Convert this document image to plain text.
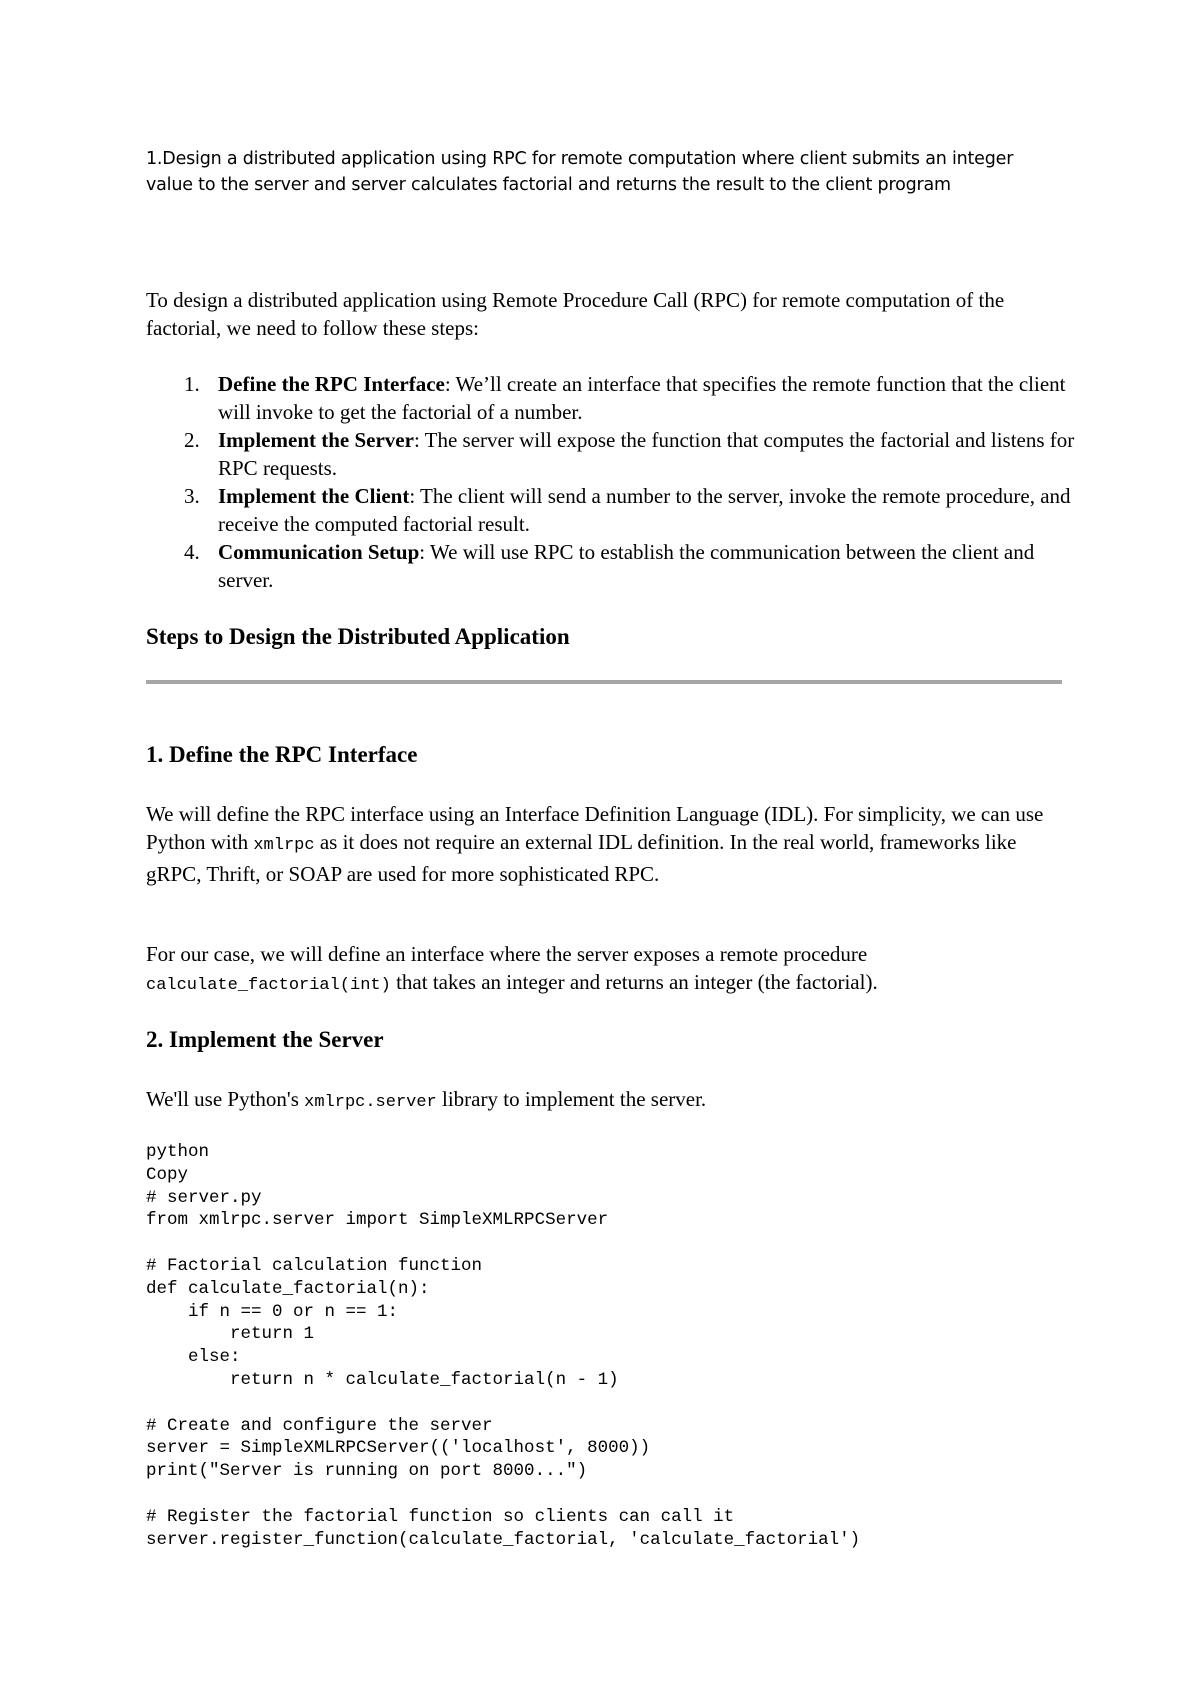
1.Design a distributed application using RPC for remote computation where client submits an integer
value to the server and server calculates factorial and returns the result to the client program

To design a distributed application using Remote Procedure Call (RPC) for remote computation of the factorial, we need to follow these steps:

1. Define the RPC Interface: We’ll create an interface that specifies the remote function that the client will invoke to get the factorial of a number.
2. Implement the Server: The server will expose the function that computes the factorial and listens for RPC requests.
3. Implement the Client: The client will send a number to the server, invoke the remote procedure, and receive the computed factorial result.
4. Communication Setup: We will use RPC to establish the communication between the client and server.
Steps to Design the Distributed Application
1. Define the RPC Interface

We will define the RPC interface using an Interface Definition Language (IDL). For simplicity, we can use Python with xmlrpc as it does not require an external IDL definition. In the real world, frameworks like gRPC, Thrift, or SOAP are used for more sophisticated RPC.

For our case, we will define an interface where the server exposes a remote procedure calculate_factorial(int) that takes an integer and returns an integer (the factorial).

2. Implement the Server

We'll use Python's xmlrpc.server library to implement the server.

python
Copy
# server.py
from xmlrpc.server import SimpleXMLRPCServer

# Factorial calculation function
def calculate_factorial(n):
if n == 0 or n == 1:
return 1
else:
return n * calculate_factorial(n - 1)

# Create and configure the server
server = SimpleXMLRPCServer(('localhost', 8000))
print("Server is running on port 8000...")

# Register the factorial function so clients can call it
server.register_function(calculate_factorial, 'calculate_factorial')
